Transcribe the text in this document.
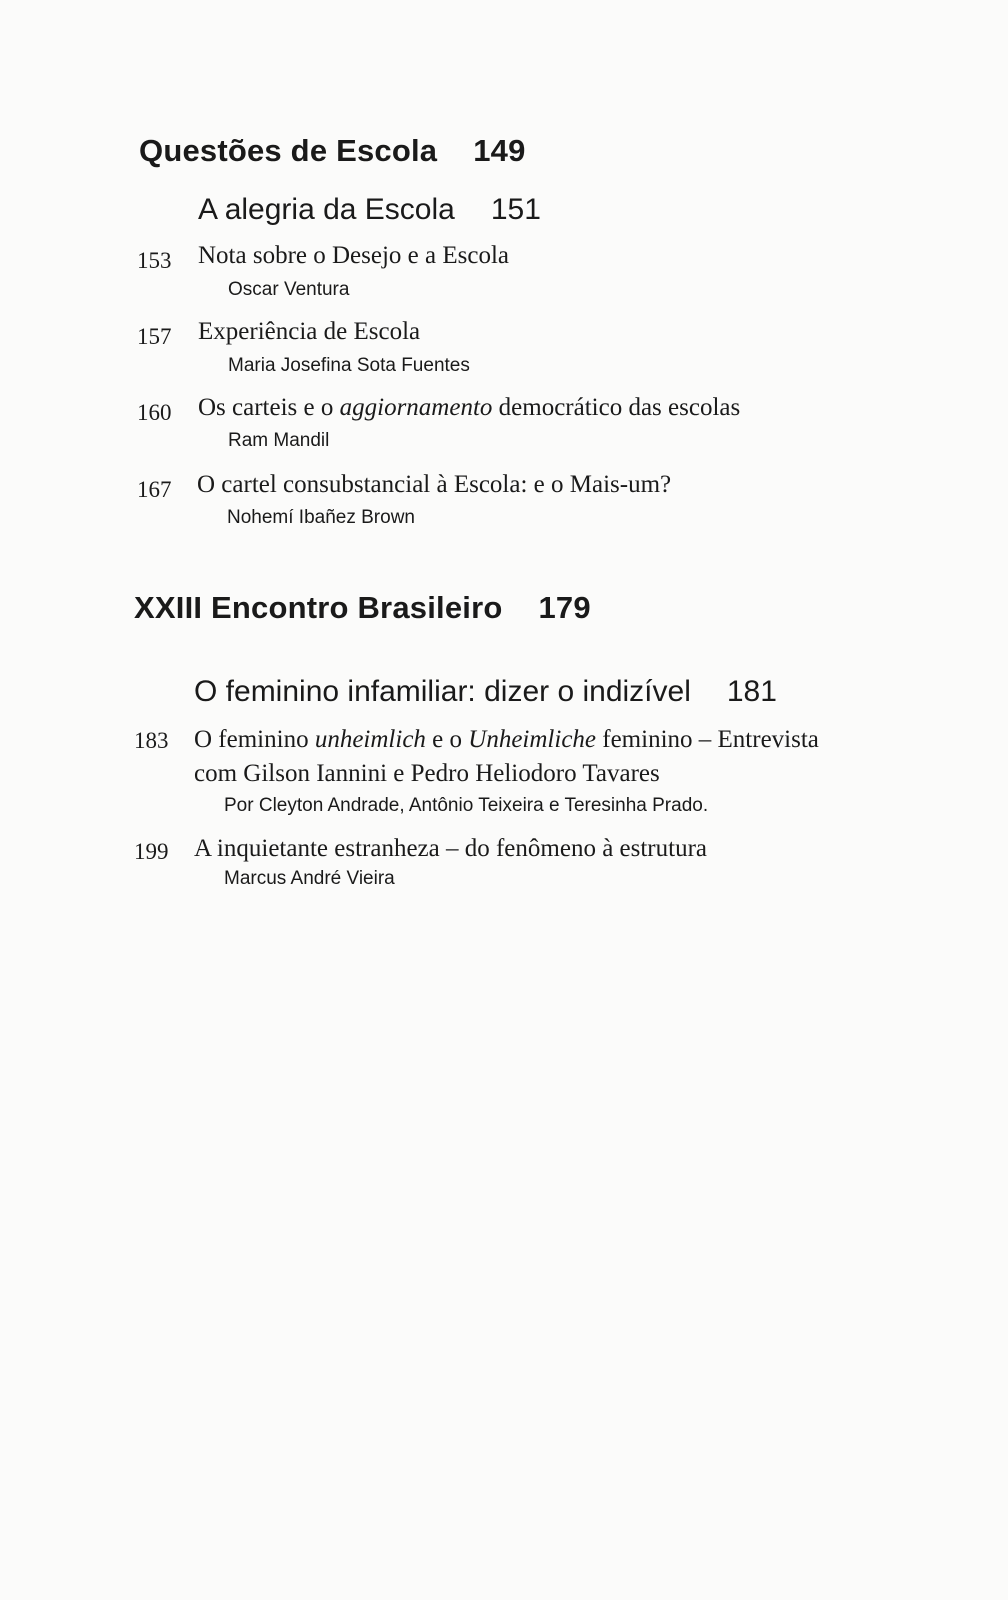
Questões de Escola 149
A alegria da Escola 151
153 Nota sobre o Desejo e a Escola
Oscar Ventura
157 Experiência de Escola
Maria Josefina Sota Fuentes
160 Os carteis e o aggiornamento democrático das escolas
Ram Mandil
167 O cartel consubstancial à Escola: e o Mais-um?
Nohemí Ibañez Brown
XXIII Encontro Brasileiro 179
O feminino infamiliar: dizer o indizível 181
183 O feminino unheimlich e o Unheimliche feminino – Entrevista
com Gilson Iannini e Pedro Heliodoro Tavares
Por Cleyton Andrade, Antônio Teixeira e Teresinha Prado.
199 A inquietante estranheza – do fenômeno à estrutura
Marcus André Vieira
